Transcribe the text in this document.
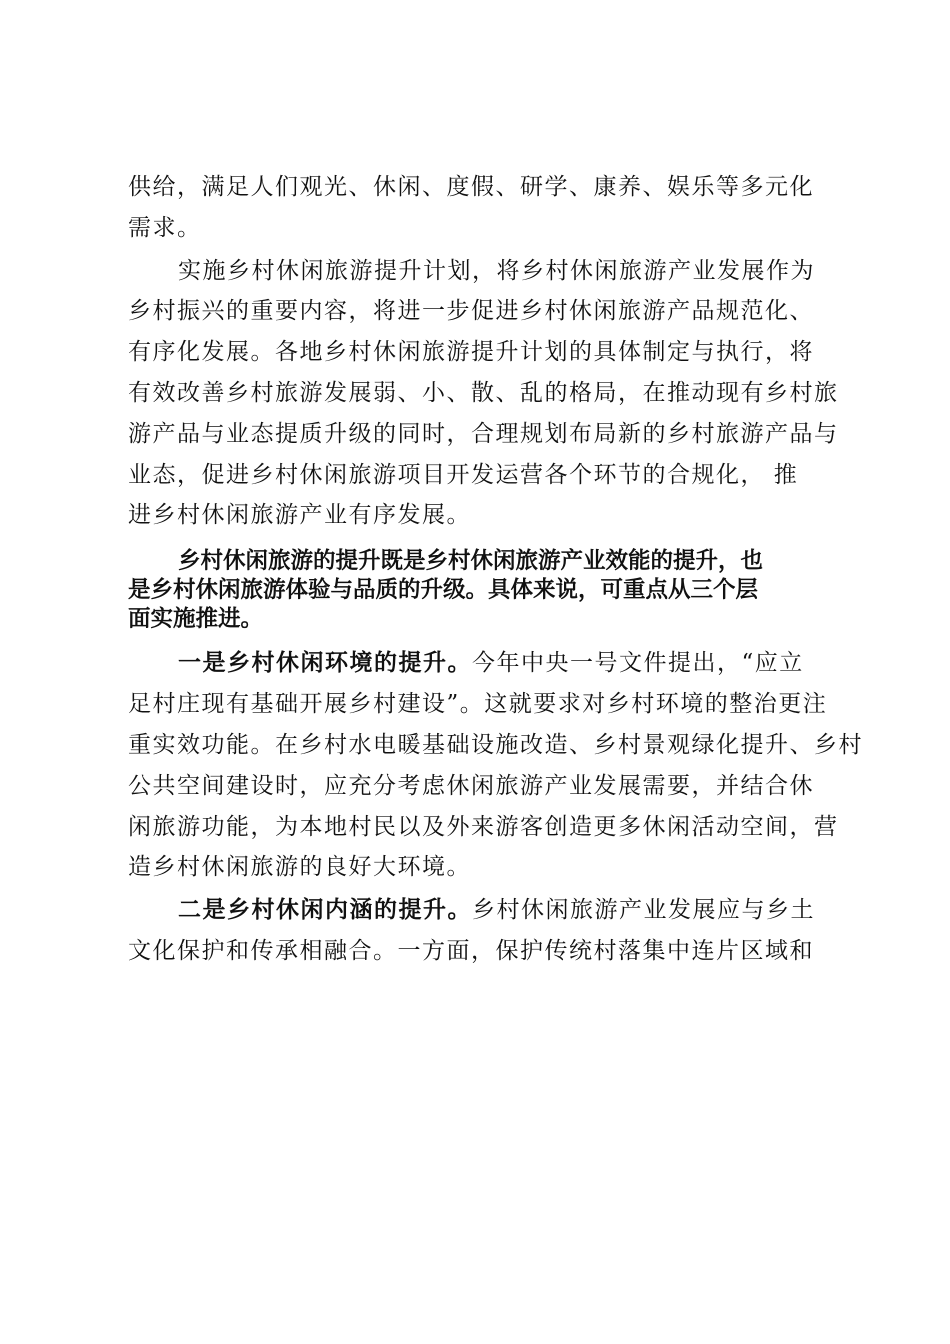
供给，满足人们观光、休闲、度假、研学、康养、娱乐等多元化
需求。
实施乡村休闲旅游提升计划，将乡村休闲旅游产业发展作为
乡村振兴的重要内容，将进一步促进乡村休闲旅游产品规范化、
有序化发展。各地乡村休闲旅游提升计划的具体制定与执行，将
有效改善乡村旅游发展弱、小、散、乱的格局，在推动现有乡村旅
游产品与业态提质升级的同时，合理规划布局新的乡村旅游产品与
业态，促进乡村休闲旅游项目开发运营各个环节的合规化， 推
进乡村休闲旅游产业有序发展。
乡村休闲旅游的提升既是乡村休闲旅游产业效能的提升，也
是乡村休闲旅游体验与品质的升级。具体来说，可重点从三个层
面实施推进。
一是乡村休闲环境的提升。今年中央一号文件提出，“应立
足村庄现有基础开展乡村建设”。这就要求对乡村环境的整治更注
重实效功能。在乡村水电暖基础设施改造、乡村景观绿化提升、乡村
公共空间建设时，应充分考虑休闲旅游产业发展需要，并结合休
闲旅游功能，为本地村民以及外来游客创造更多休闲活动空间，营
造乡村休闲旅游的良好大环境。
二是乡村休闲内涵的提升。乡村休闲旅游产业发展应与乡土
文化保护和传承相融合。一方面，保护传统村落集中连片区域和
